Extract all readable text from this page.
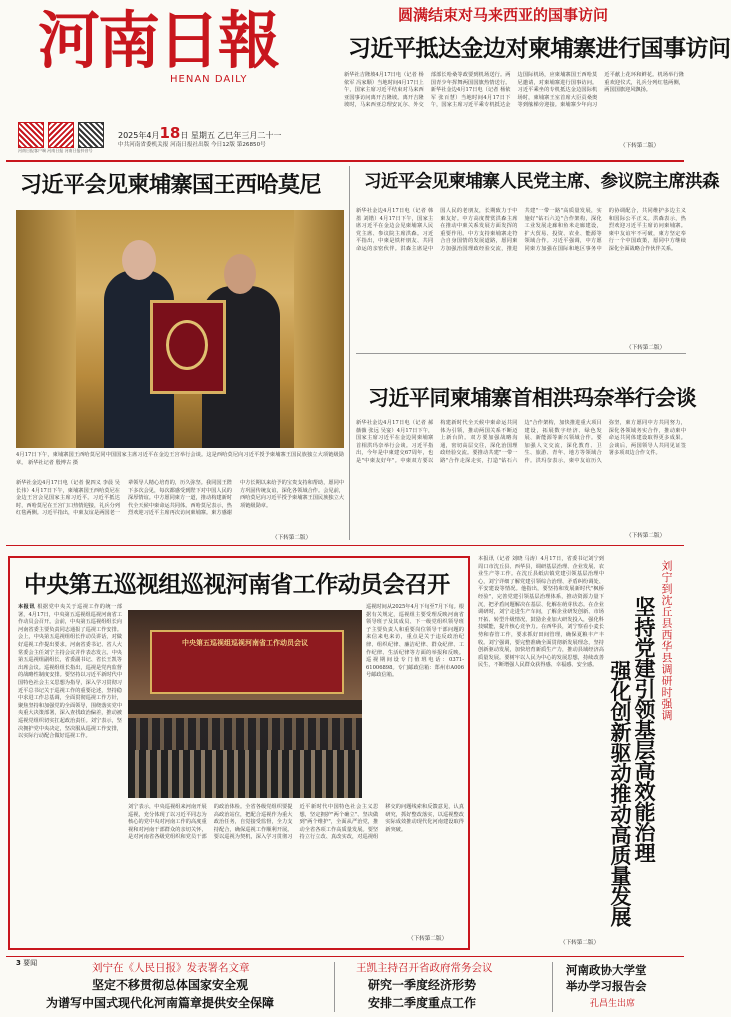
河南日報
HENAN DAILY
河南日报客户端 河南日报 河南日报抖音号
2025年4月18日 星期五 乙巳年三月二十一
中共河南省委机关报 河南日报社出版 今日12版 第26850号
圆满结束对马来西亚的国事访问
习近平抵达金边对柬埔寨进行国事访问
新华社吉隆坡4月17日电（记者 杨依军 冯家顺）当地时间4月17日上午，国家主席习近平结束对马来西亚国事访问离开吉隆坡。离开吉隆坡时，马来西亚总理安瓦尔、外交部部长哈桑等政要到机场送行。两国青少年挥舞两国国旗热情送行。新华社金边4月17日电（记者 杨依军 张百慧）当地时间4月17日下午，国家主席习近平乘专机抵达金边国际机场，应柬埔寨国王西哈莫尼邀请，对柬埔寨进行国事访问。习近平乘坐的专机抵达金边国际机场时，柬埔寨王室首席大臣贡桑奥等到舷梯旁迎接。柬埔寨少年向习近平献上花环和鲜花。机场举行隆重欢迎仪式，礼兵分列红毯两侧，两国国旗迎风飘扬。
（下转第二版）
习近平会见柬埔寨国王西哈莫尼
4月17日下午，柬埔寨国王西哈莫尼同中国国家主席习近平在金边王宫举行会谈。这是西哈莫尼向习近平授予柬埔寨王国民族独立大项链级勋章。 新华社记者 殷博古 摄
新华社金边4月17日电（记者 倪四义 李晨 吴长伟）4月17日下午，柬埔寨国王西哈莫尼在金边王宫会见国家主席习近平。习近平抵达时，西哈莫尼在王宫门口热情迎接，礼兵分列红毯两侧。习近平指出，中柬友谊是两国老一辈领导人精心培育的，历久弥坚。我同国王陛下多次会见，每次都感受到陛下对中国人民的深厚情谊。中方愿同柬方一道，推动构建新时代全天候中柬命运共同体。西哈莫尼表示，热烈欢迎习近平主席再次访问柬埔寨。柬方感谢中方长期以来给予的宝贵支持和帮助，愿同中方巩固传统友谊，深化各领域合作。会见前，西哈莫尼向习近平授予柬埔寨王国民族独立大项链级勋章。
（下转第二版）
习近平会见柬埔寨人民党主席、参议院主席洪森
新华社金边4月17日电（记者 韩墨 刘锴）4月17日下午，国家主席习近平在金边会见柬埔寨人民党主席、参议院主席洪森。习近平指出，中柬是铁杆朋友、共同命运的亲密伙伴。洪森主席是中国人民的老朋友，长期致力于中柬友好。中方高度赞赏洪森主席在推动中柬关系发展方面发挥的重要作用。中方支持柬埔寨走符合自身国情的发展道路，愿同柬方加强治国理政经验交流，推进共建"一带一路"高质量发展，实施好"钻石六边"合作架构，深化工业发展走廊和鱼米走廊建设，扩大贸易、投资、农业、能源等领域合作。习近平强调，中方愿同柬方加强在国际和地区事务中的协调配合，共同维护多边主义和国际公平正义。洪森表示，热烈欢迎习近平主席访问柬埔寨。柬中友谊牢不可破，柬方坚定奉行一个中国政策，愿同中方继续深化全面战略合作伙伴关系。
（下转第二版）
习近平同柬埔寨首相洪玛奈举行会谈
新华社金边4月17日电（记者 郝薇薇 张远 吴宴）4月17日下午，国家主席习近平在金边同柬埔寨首相洪玛奈举行会谈。习近平指出，今年是中柬建交67周年，也是"中柬友好年"。中柬双方要以构建新时代全天候中柬命运共同体为引领，推动两国关系不断迈上新台阶。双方要加强战略沟通，密切高层交往，深化治国理政经验交流。要推动共建"一带一路"合作走深走实，打造"钻石六边"合作架构，加快推进重大项目建设，拓展数字经济、绿色发展、新能源等新兴领域合作。要加强人文交流，深化教育、卫生、旅游、青年、地方等领域合作。洪玛奈表示，柬中友谊历久弥坚，柬方愿同中方共同努力，深化各领域务实合作，推动柬中命运共同体建设取得更多成果。会谈后，两国领导人共同见证签署多项双边合作文件。
（下转第二版）
中央第五巡视组巡视河南省工作动员会召开
本报讯 根据党中央关于巡视工作的统一部署，4月17日，中央第五巡视组巡视河南省工作动员会召开。会前，中央第五巡视组组长向河南省委主要负责同志通报了巡视工作安排。会上，中央第五巡视组组长作动员讲话，对做好巡视工作提出要求。河南省委书记、省人大常委会主任刘宁主持会议并作表态发言。中央第五巡视组副组长，省委副书记、省长王凯等出席会议。巡视组组长指出，巡视是党内监督的战略性制度安排。要坚持以习近平新时代中国特色社会主义思想为指导，深入学习贯彻习近平总书记关于巡视工作的重要论述，坚持稳中求进工作总基调，全面贯彻巡视工作方针，聚焦坚持和加强党的全面领导，围绕落实党中央重大决策部署，深入查找政治偏差，推动被巡视党组织切实扛起政治责任。刘宁表示，坚决拥护党中央决定，坚决服从巡视工作安排，以实际行动配合做好巡视工作。
中央第五巡视组巡视河南省工作动员会议
巡视时间从2025年4月下旬至7月下旬。根据有关规定，巡视组主要受理反映河南省领导班子及其成员、下一级党组织领导班子主要负责人和重要岗位领导干部问题的来信来电来访，重点是关于违反政治纪律、组织纪律、廉洁纪律、群众纪律、工作纪律、生活纪律等方面的举报和反映。巡视期间设专门值班电话：0371-61006898。专门邮政信箱：郑州市A006号邮政信箱。
刘宁表示，中央巡视组来河南开展巡视，充分体现了以习近平同志为核心的党中央对河南工作的高度重视和对河南干部群众的亲切关怀，是对河南省各级党组织和党员干部的政治体检。全省各级党组织要提高政治站位，把配合巡视作为重大政治任务，自觉接受监督，全力支持配合，确保巡视工作顺利开展。要以巡视为契机，深入学习贯彻习近平新时代中国特色社会主义思想，坚定拥护"两个确立"、坚决做到"两个维护"，全面从严治党，推动全省各项工作高质量发展。要坚持立行立改、真改实改，对巡视组移交的问题线索和反馈意见，认真研究，抓好整改落实，以巡视整改实际成效推动现代化河南建设取得新突破。
（下转第二版）
本报讯（记者 刘晓 马涛）4月17日，省委书记刘宁到周口市沈丘县、西华县，调研基层治理、企业发展、农业生产等工作。在沈丘县纸店镇党建引领基层治理中心，刘宁详细了解党建引领综合治理、矛盾纠纷调处、平安建设等情况。他指出，要坚持和发展新时代"枫桥经验"，完善党建引领基层治理体系，推动资源力量下沉，把矛盾问题解决在基层、化解在萌芽状态。在企业调研时，刘宁走进生产车间，了解企业研发创新、市场开拓、转型升级情况，鼓励企业加大研发投入，强化科技赋能，提升核心竞争力。在西华县，刘宁察看小麦长势和春管工作，要求抓好田间管理，确保夏粮丰产丰收。刘宁强调，要完整准确全面贯彻新发展理念，坚持创新驱动发展，加快培育新质生产力，推动县域经济高质量发展。要树牢以人民为中心的发展思想，持续改善民生，不断增强人民群众获得感、幸福感、安全感。
（下转第二版）
刘宁到沈丘县西华县调研时强调
坚持党建引领基层高效能治理
强化创新驱动推动高质量发展
3 要闻	刘宁在《人民日报》发表署名文章
坚定不移贯彻总体国家安全观
为谱写中国式现代化河南篇章提供安全保障
王凯主持召开省政府常务会议
研究一季度经济形势
安排二季度重点工作
河南政协大学堂
举办学习报告会
孔昌生出席
